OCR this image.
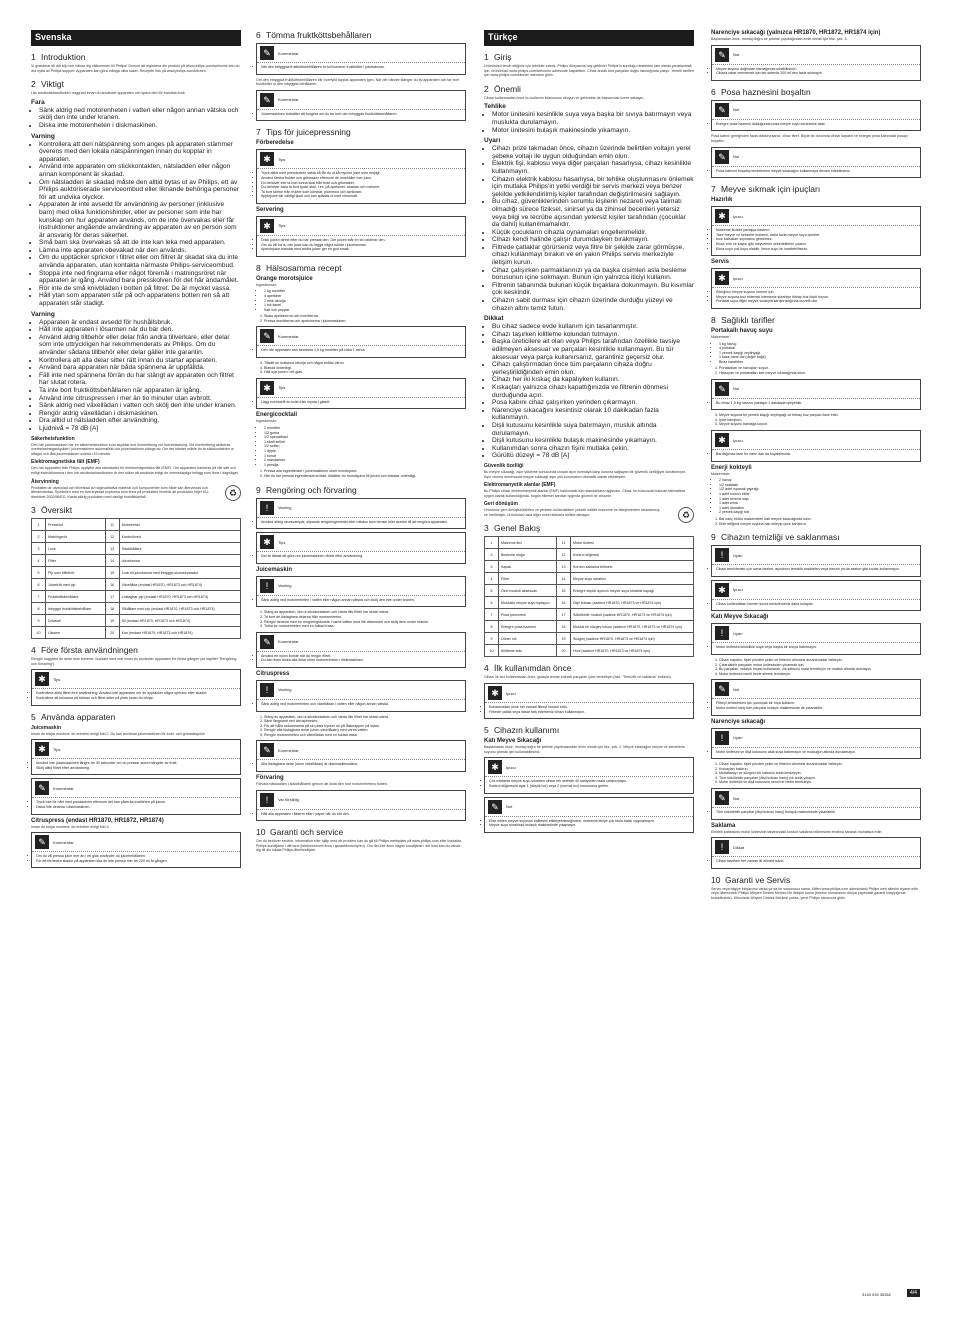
Svenska
1 Introduktion

Vi gratulerar till ditt köp och hälsar dig välkommen till Philips! Genom att registrera din produkt på www.philips.com/welcome kan du dra nytta av Philips support. Apparaten kan göra många olika saker. Receptfri hos på www.philips.com/kitchen.

2 Viktigt

Läs användarhandboken noggrant innan du använder apparaten och spara den för framtida bruk.

Fara
• Sänk aldrig ned motorenheten i vatten eller någon annan vätska och skölj den inte under kranen.
• Diska inte motorenheten i diskmaskinen.
Varning
• Kontrollera att den nätspänning som anges på apparaten stämmer överens med den lokala nätspänningen innan du kopplar in apparaten.
• Använd inte apparaten om stickkontakten, nätsladden eller någon annan komponent är skadad.
• Om nätsladden är skadad måste den alltid bytas ut av Philips, ett av Philips auktoriserade serviceombud eller liknande behöriga personer för att undvika olyckor.
• Apparaten är inte avsedd för användning av personer (inklusive barn) med olika funktionshinder, eller av personer som inte har kunskap om hur apparaten används, om de inte övervakas eller får instruktioner angående användning av apparaten av en person som är ansvarig för deras säkerhet.
• Små barn ska övervakas så att de inte kan leka med apparaten.
• Lämna inte apparaten obevakad när den används.
• Om du upptäcker sprickor i filtret eller om filtret är skadat ska du inte använda apparaten, utan kontakta närmaste Philips-serviceombud.
• Stoppa inte ned fingrarna eller något föremål i matningsröret när apparaten är igång. Använd bara presskolven för det här ändamålet.
• Rör inte de små knivbladen i botten på filtret. De är mycket vassa.
• Håll ytan som apparaten står på och apparatens botten ren så att apparaten står stadigt.
Varning
• Apparaten är endast avsedd för hushållsbruk.
• Håll inte apparaten i lösarmen när du bär den.
• Använd aldrig tillbehör eller delar från andra tillverkare, eller delar som inte uttryckligen har rekommenderats av Philips. Om du använder sådana tillbehör eller delar gäller inte garantin.
• Kontrollera att alla delar sitter rätt innan du startar apparaten.
• Använd bara apparaten när båda spännena är uppfällda.
• Fäll inte ned spännena förrän du har stängt av apparaten och filtret har slutat rotera.
• Ta inte bort fruktköttsbehållaren när apparaten är igång.
• Använd inte citruspressen i mer än tio minuter utan avbrott.
• Sänk aldrig ned växellädan i vatten och skölj den inte under kranen.
• Rengör aldrig växellädan i diskmaskinen.
• Dra alltid ut nätsladden efter användning.
• Ljudnivå = 78 dB [A]
Säkerhetsfunktion

Den här juicemaskinen har en säkerhetsfunktion som skyddar mot överhettning vid överbelastning. Vid överhettning aktiveras överbelastningsskyddet i juicemaskinen automatiskt och juicemaskinen stängs av. Om det händer måste du ta stickkontakten ur uttaget och låta juicemaskinen svalna i 15 minuter.

Elektromagnetiska fält (EMF)

Den här apparaten från Philips uppfyller alla standarder för elektromagnetiska fält (EMF). Om apparaten hanteras på rätt sätt och enligt instruktionerna i den här användarhandboken är den säker att använda enligt de vetenskapliga belägg som finns i dagsläget.

Återvinning
♻

Produkten är utvecklad och tillverkad av högkvalitativa material och komponenter som både kan återvinnas och återanvändas. Symbolen med en överkryssad soptunna som finns på produkten innebär att produkten följer EU-direktivet 2002/96/EG. Kasta aldrig produkten med vanligt hushållsavfall.

3 Översikt
1	Pressklot	11	Motorenhet
2	Matningsrör	12	Kontrollvred
3	Lock	13	Sladdhållare
4	Filter	14	Juicekanna
5	Pip som tillbehör	15	Lock till juicekanna med inbyggd skumseparator
6	Juiceträt med pip	16	Växellåda (endast HR1870, HR1873 och HR1874)
7	Fruktköttsbehållare	17	Löstagbar pip (endast HR1870, HR1873 och HR1874)
8	Inbyggd fruktköttsbehållare	18	Silhållare med pip (endast HR1870, HR1873 och HR1874)
9	Drivaxel	19	Sil (endast HR1870, HR1873 och HR1874)
10	Låsarm	20	Kon (endast HR1870, HR1873 och HR1874)
4 Före första användningen

Rengör noggrant de delar som kommer i kontakt med mat innan du använder apparaten för första gången (se kapitlet "Rengöring och förvaring").

✱	Tips
• Kontrollera alltid filtret före användning. Använd inte apparaten om du upptäcker några sprickor eller skador.
• Kontrollera att knivarna på kärnan och filtret sitter på plats innan du börjar.
5 Använda apparaten
Juicemaskin

Innan du börjar montera: du enheten enligt bild 2. Du kan använda juicemaskinen för frukt- och grönsaksjuice.

✱	Tips
• Använd inte juicemaskinen längre än 40 sekunder om du pressar stora mängder av frukt.
• Skölj alltid filtret efter användning.
✎	Kommentar
• Tryck inte för hårt med presskolven eftersom det kan påverka kvaliteten på juicen.
• Diska inte delarna i diskmaskinen.
Citruspress (endast HR1870, HR1872, HR1874)

Innan du börjar montera: du enheten enligt bild 3.

✎	Kommentar
• Om du vill pressa juice mer än i ett glas använder du juicebehållaren.
• För att förhindra skador på apparaten ska du inte pressa mer än 200 ml åt gången.
6 Tömma fruktköttsbehållaren
✎	Kommentar
• När den inbyggda fruktköttsbehållaren är full kommer fruktköttet i juicekannan.

Om den inbyggda fruktköttsbehållaren blir överfylld tappas apparaten igen. När det händer stänger du av apparaten och tar bort fruktköttet ur den inbyggda behållaren.

✎	Kommentar
• Juicemaskinen fortsätter att fungera om du tar bort den inbyggda fruktköttsbehållaren.
7 Tips för juicepressning
Förberedelse
✱	Tips
• Tryck alltid med presskolven sakta så får du ut så mycket juice som möjligt.
• Använd färska frukter och grönsaker eftersom de innehåller mer juice.
• Du behöver inte ta bort tunna skal från frukt och grönsaker.
• Du behöver bara ta bort tjockt skal, t.ex. på apelsiner, ananas och meloner.
• Ta bort kärnor från frukter som körsbär, plommon och aprikoser.
• Äpplejuice blir väldigt tjock och kan spädas ut med citronsaft.
Servering
✱	Tips
• Drick juicen direkt efter du har pressat den. Om juicen står en tid oxiderar den.
• Om du vill ha is i din juice kan du lägga några isbitar i juicekannan.
• Apelsinjuice blandat med andra juicer ger en god smak.
8 Hälsosamma recept
Orange morotsjuice

Ingredienser:

• 1 kg morötter
• 4 apelsiner
• 1 msk olivolja
• 1 tsk kanel
• Salt och peppar
1. Skala apelsinerna och morötterna.
2. Pressa morötterna och apelsinerna i juicemaskinen.
✎	Kommentar
• Den här apparaten kan bearbeta 1,5 kg morötter på cirka 1 minut.
3. Tillsätt en matsked olivolja och några strålar citron.
4. Blanda ordentligt.
5. Häll upp juicen i ett glas.
✱	Tips
• Lägg eventuellt en kvist frisk mynta i glaset.
Energicocktail

Ingredienser:

• 2 morötter
• 1/2 gurka
• 1/2 spenatblad
• 1 skaft selleri
• 1/2 selleri
• 1 äpple
• 1 tomat
• 2 mandariner
• 1 persilja
1. Pressa alla ingredienser i juicemaskinen utom morotsjuice.
2. När du har pressat ingredienserna klart, tillsätter du morotsjuice till juicen och blandar ordentligt.
9 Rengöring och förvaring
!	Varning
• Använd aldrig skursvampar, slipande rengöringsmedel eller vätskor som bensin eller aceton till att rengöra apparaten.
✱	Tips
• Det är lättast att göra ren juicemaskinen direkt efter användning.
Juicemaskin
!	Varning
• Sänk aldrig ned motorenheten i vatten eller någon annan vätska och skölj den inte under kranen.
1. Stäng av apparaten, dra ut stickkontakten och vänta tills filtret har slutat rotera.
2. Ta bort de löstagbara delarna från motorenheten.
3. Rengör delarna med en rengöringsborste i varmt vatten med lite diskmedel och skölj dem under kranen.
4. Torka av motorenheten med en fuktad trasa.
✎	Kommentar
• Använd en nylon borste när du rengör filtret.
• Du kan även diska alla delar utom motorenheten i diskmaskinen.
Citruspress
!	Varning
• Sänk aldrig ned motorenheten och växellådan i vatten eller någon annan vätska.
1. Stäng av apparaten, dra ut stickkontakten och vänta tills filtret har slutat rotera.
2. Sänk långsamt ned citruspressen.
3. För att hålla sidoarmarna på sin plats trycker du på låsknappen på sidan.
4. Rengör alla löstagbara delar (utom växellådan) med varmt vatten.
5. Rengör motorenheten och växellådan med en fuktad trasa.
✎	Kommentar
• Alla löstagbara delar (utom växellådan) är diskmaskinssäkra.
Förvaring

Förvara nätsladden i sladdhållaren genom att linda den runt motorenhetens botten.

!	Var försiktig
• Håll alla apparaten i ålderm eller i paper när du bär den.
10 Garanti och service

Om du behöver service, information eller hjälp med ett problem kan du gå till Philips webbplats på www.philips.com eller kontakta Philips kundtjänst i ditt land (telefonnumret finns i garantibroschyren). Om det inte finns någon kundtjänst i ditt land kan du vända dig till din lokala Philips-återförsäljare.

Türkçe
1 Giriş

Ürününüzü tercih ettiğiniz için tebrikler ederiz. Philips dünyasına hoş geldiniz! Philips'in sunduğu destekten tam olarak yararlanmak için, ürününüzü www.philips.com/welcome adresinde kaydettirin. Cihaz ancak tüm parçaları doğru takıldığında çalışır. Yemek tarifleri için www.philips.com/kitchen adresine gidin.

2 Önemli

Cihazı kullanmadan önce bu kullanım kılavuzunu okuyun ve gelecekte de başvurmak üzere saklayın.

Tehlike
• Motor ünitesini kesinlikle suya veya başka bir sıvıya batırmayın veya muslukta durulamayın.
• Motor ünitesini bulaşık makinesinde yıkamayın.
Uyarı
• Cihazı prize takmadan önce, cihazın üzerinde belirtilen voltajın yerel şebeke voltajı ile uygun olduğundan emin olun.
• Elektrik fişi, kablosu veya diğer parçaları hasarlıysa, cihazı kesinlikle kullanmayın.
• Cihazın elektrik kablosu hasarlıysa, bir tehlike oluşturmasını önlemek için mutlaka Philips'in yetki verdiği bir servis merkezi veya benzer şekilde yetkilendirilmiş kişiler tarafından değiştirilmesini sağlayın.
• Bu cihaz, güvenliklerinden sorumlu kişilerin nezareti veya talimatı olmadığı sürece fiziksel, sinirsel ya da zihinsel becerileri yetersiz veya bilgi ve tecrübe açısından yetersiz kişiler tarafından (çocuklar da dahil) kullanılmamalıdır.
• Küçük çocukların cihazla oynamaları engellenmelidir.
• Cihazı kendi halinde çalışır durumdayken bırakmayın.
• Filtrede çatlaklar görürseniz veya filtre bir şekilde zarar görmüşse, cihazı kullanmayı bırakın ve en yakın Philips servis merkeziyle iletişim kurun.
• Cihaz çalışırken parmaklarınızı ya da başka cisimleri asla besleme borusunun içine sokmayın. Bunun için yalnızca iticiyi kullanın.
• Filtrenin tabanında bulunan küçük bıçaklara dokunmayın. Bu kısımlar çok keskindir.
• Cihazın sabit durması için cihazın üzerinde durduğu yüzeyi ve cihazın altını temiz tutun.
Dikkat
• Bu cihaz sadece evde kullanım için tasarlanmıştır.
• Cihazı taşırken kilitleme kolundan tutmayın.
• Başka üreticilere ait olan veya Philips tarafından özellikle tavsiye edilmeyen aksesuar ve parçaları kesinlikle kullanmayın. Bu tür aksesuar veya parça kullanırsanız, garantiniz geçersiz olur.
• Cihazı çalıştırmadan önce tüm parçaların cihaza doğru yerleştirildiğinden emin olun.
• Cihazı her iki kıskaç da kapalıyken kullanın.
• Kıskaçları yalnızca cihazı kapattığınızda ve filtrenin dönmesi durduğunda açın.
• Posa kabını cihaz çalışırken yerinden çıkarmayın.
• Narenciye sıkacağını kesintisiz olarak 10 dakikadan fazla kullanmayın.
• Dişli kutusunu kesinlikle suya batırmayın, musluk altında durulamayın.
• Dişli kutusunu kesinlikle bulaşık makinesinde yıkamayın.
• Kullanımdan sonra cihazın fişini mutlaka çekin.
• Gürültü düzeyi = 78 dB [A]
Güvenlik özelliği

Bu meyve sıkacağı, aşırı yükleme sonucunda oluşan aşırı ısınmaya karşı koruma sağlayan bir güvenlik özelliğiyle donatılmıştır. Aşırı ısınma durumunda meyve sıkacağı aşırı yük korumasını otomatik olarak etkinleştirir.

Elektromanyetik alanlar (EMF)

Bu Philips cihazı elektromanyetik alanlar (EMF) hakkındaki tüm standartlara uygundur. Cihaz, bu kılavuzda bulunan talimatlara uygun olarak kullanıldığında, bugün bilimsel kanıtlar ışığında güvenli bir cihazdır.

Geri dönüşüm
♻

Ürününüz geri dönüştürülebilen ve yeniden kullanılabilen yüksek kaliteli malzeme ve bileşenlerden tasarlanmış ve üretilmiştir. Ürününüzü asla diğer evsel atıklarla birlikte atmayın.

3 Genel Bakış
1	Malzeme itici	11	Motor ünitesi
2	Besleme oluğu	12	Kontrol düğmesi
3	Kapak	13	Kordon saklama bölmesi
4	Filtre	14	Meyve suyu sürahisi
5	Özel musluk aksesuarı	15	Entegre köpük ayırıcılı meyve suyu sürahisi kapağı
6	Musluklu meyve suyu toplayıcı	16	Dişli kutusu (sadece HR1870, HR1873 ve HR1874 için)
7	Posa penceresi	17	Sökülebilir musluk (sadece HR1870, HR1873 ve HR1874 için)
8	Entegre posa haznesi	18	Musluk ile süzgeç tutucu (sadece HR1870, HR1873 ve HR1874 için)
9	Döner mil	19	Süzgeç (sadece HR1870, HR1873 ve HR1874 için)
10	Kilitleme kolu	20	Huni (sadece HR1870, HR1873 ve HR1874 için)
4 İlk kullanımdan önce

Cihazı ilk kez kullanmadan önce, gıdayla temas edecek parçaları iyice temizleyin (bkz. "Temizlik ve saklama" bölümü).

✱	İpucu
• Kullanmadan önce her zaman filtreyi kontrol edin.
• Filtrede çatlak veya hasar fark ederseniz cihazı kullanmayın.
5 Cihazın kullanımı
Katı Meyve Sıkacağı

Başlamadan önce, montaj doğru bir şekilde yapılmasından emin olmak için bkz. şek. 2. Meyve sıkacağını meyve ve sebzelerin suyunu çıkmak için kullanabilirsiniz.

✱	İpucu
• Çok miktarda meyve suyu sıkarken cihazı tek seferde 40 saniyeden fazla çalıştırmayın.
• Kontrol düğmesini ayar 1 (düşük hız) veya 2 (normal hız) konumuna getirin.
✎	Not
• Elde edilen meyve suyunun kalitesini etkileyebileceğinden, malzeme iticiye çok fazla baskı uygulamayın.
• Meyve suyu sürahisini bulaşık makinesinde yıkamayın.
Narenciye sıkacağı (yalnızca HR1870, HR1872, HR1874 için)

Başlamadan önce, montaj doğru bir şekilde yapıldığından emin olmak için bkz. şek. 3.

✎	Not
• Meyve suyunu doğrudan bardağınıza sıkabilirsiniz.
• Cihaza zarar vermemek için tek seferde 200 ml'den fazla sıkmayın.
6 Posa haznesini boşaltın
✎	Not
• Entegre posa haznesi dolduğunda posa meyve suyu sürahisine akar.

Posa kabını gereğinden fazla doldurursanız, cihaz titrer. Böyle bir durumda cihazı kapatın ve entegre posa kabındaki posayı boşaltın.

✎	Not
• Posa kabının boşaltıp temizlerken meyve sıkacağını kullanmaya devam edebilirsiniz.
7 Meyve sıkmak için ipuçları
Hazırlık
✱	İpucu
• Malzeme iticisini yavaşça bastırın.
• Taze meyve ve sebzeler kullanın, daha fazla meyve suyu içerirler.
• İnce kabukları soymanız gerekmez.
• Kiraz, erik ve kayısı gibi meyvelerin çekirdeklerini çıkarın.
• Elma suyu çok koyu olabilir, limon suyu ile inceltebilirsiniz.
Servis
✱	İpucu
• Sıktığınız meyve suyunu hemen için.
• Meyve suyuna buz eklemek isterseniz sürahiye birkaç buz küpü koyun.
• Portakal suyu diğer meyve sularıyla karıştırıldığında lezzetli olur.
8 Sağlıklı tarifler
Portakallı havuç suyu

Malzemeler:

• 1 kg havuç
• 4 portakal
• 1 yemek kaşığı zeytinyağı
• 1 kase nane dal (değer bağlı)
• Biraz karabiber
1. Portakalları ve havuçları soyun.
2. Havuçları ve portakalları katı meyve sıkacağında sıkın.
✎	Not
• Bu cihaz 1,5 kg havucu yaklaşık 1 dakikada işleyebilir.
3. Meyve suyuna bir yemek kaşığı zeytinyağı ve birkaç buz parçası ilave edin.
4. İyice karıştırın.
5. Meyve suyunu bardağa koyun.
✱	İpucu
• Bardağınıza taze bir nane dalı da koyabilirsiniz.
Enerji kokteyli

Malzemeler:

• 2 havuç
• 1/2 salatalık
• 1/2 adet ıspanak yaprağı
• 1 adet kırmızı biber
• 1 adet kereviz sapı
• 1 adet elma
• 1 adet domates
• 2 yemek kaşığı bal
1. Bal hariç bütün malzemeleri katı meyve sıkacağında sıkın.
2. Elde ettiğiniz meyve suyuna balı ekleyip iyice karıştırın.
9 Cihazın temizliği ve saklanması
!	Uyarı
• Cihazı temizlemek için ovma bezleri, aşındırıcı temizlik maddeleri veya benzin ya da aseton gibi sıvılar kullanmayın.
✱	İpucu
• Cihazı kullandıktan hemen sonra temizlemeniz daha kolaydır.
Katı Meyve Sıkacağı
!	Uyarı
• Motor ünitesini kesinlikle suya veya başka bir sıvıya batırmayın.
1. Cihazı kapatın, fişini prizden çekin ve filtrenin dönmesi durana kadar bekleyin.
2. Çıkarılabilir parçaları motor ünitesinden çıkarmak için.
3. Bu parçaları, bulaşık fırçası kullanarak, ılık sabunlu suda temizleyin ve musluk altında durulayın.
4. Motor ünitesini nemli bezle silerek temizleyin.
✎	Not
• Filtreyi temizlerken için yumuşak bir fırça kullanın.
• Motor ünitesi hariç tüm parçalar bulaşık makinesinde de yıkanabilir.
Narenciye sıkacağı
!	Uyarı
• Motor ünitesini ve dişli kutusunu asla suya batırmayın ve musluğun altında durulamayın.
1. Cihazı kapatın, fişini prizden çekin ve filtrenin dönmesi durana kadar bekleyin.
2. Kıskaçları kaldırın.
3. Muhafazayı ve süzgeci ılık sabunlu suda temizleyin.
4. Tüm sökülebilir parçaları (dişli kutusu hariç) ılık suda yıkayın.
5. Motor ünitesini ve dişli kutusunu nemli bir bezle temizleyin.
✎	Not
• Tüm sökülebilir parçalar (dişli kutusu hariç) bulaşık makinesinde yıkanabilir.
Saklama

Elektrik kablosunu motor ünitesinin tabanındaki kordon saklama bölmesinin etrafına sararak muhafaza edin.

!	Dikkat
• Cihazı taşırken her zaman iki elinizle tutun.
10 Garanti ve Servis

Servis veya bilgiye ihtiyacınız varsa ya da bir sorununuz varsa, lütfen www.philips.com adresindeki Philips web sitesini ziyaret edin veya ülkenizdeki Philips Müşteri Destek Merkezi ile iletişim kurun (telefon numarasını dünya çapındaki garanti kitapçığında bulabilirsiniz). Ülkenizde Müşteri Destek Merkezi yoksa, yerel Philips satıcınıza gidin.

3140 035 35362	4/4
